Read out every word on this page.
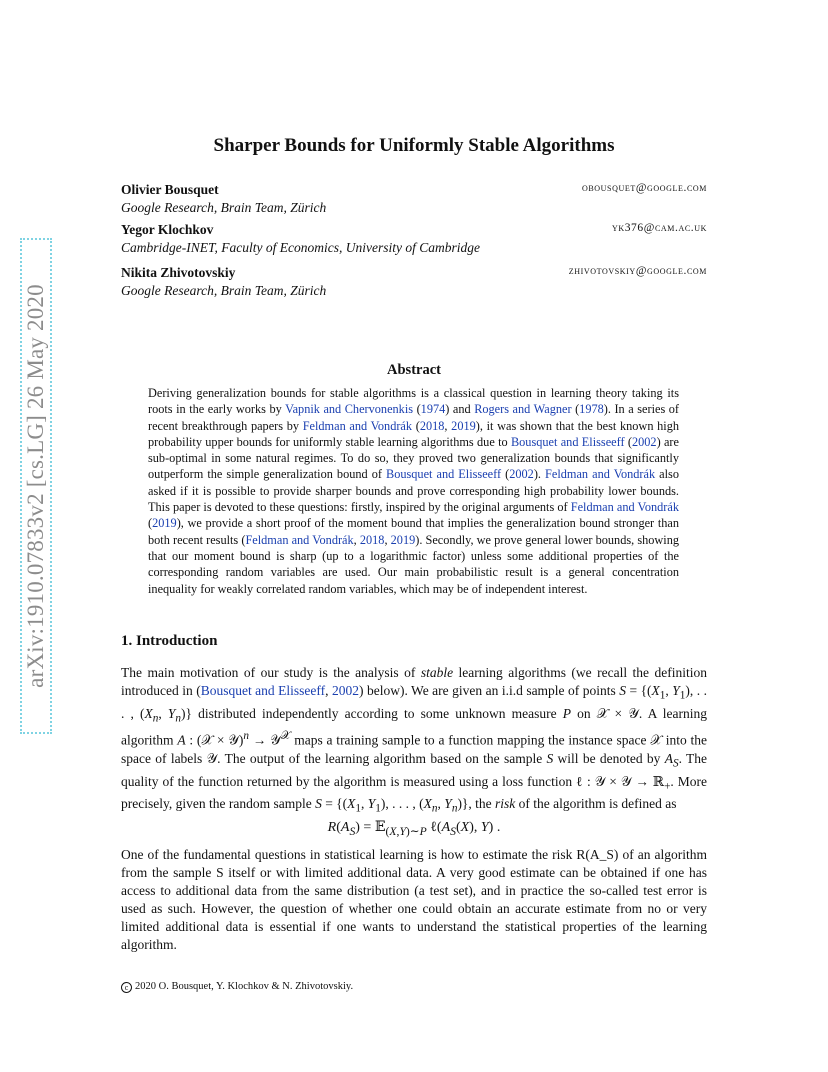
arXiv:1910.07833v2 [cs.LG] 26 May 2020
Sharper Bounds for Uniformly Stable Algorithms
Olivier Bousquet
Google Research, Brain Team, Zürich
obousquet@google.com
Yegor Klochkov
Cambridge-INET, Faculty of Economics, University of Cambridge
yk376@cam.ac.uk
Nikita Zhivotovskiy
Google Research, Brain Team, Zürich
zhivotovskiy@google.com
Abstract
Deriving generalization bounds for stable algorithms is a classical question in learning theory taking its roots in the early works by Vapnik and Chervonenkis (1974) and Rogers and Wagner (1978). In a series of recent breakthrough papers by Feldman and Vondrák (2018, 2019), it was shown that the best known high probability upper bounds for uniformly stable learning algorithms due to Bousquet and Elisseeff (2002) are sub-optimal in some natural regimes. To do so, they proved two generalization bounds that significantly outperform the simple generalization bound of Bousquet and Elisseeff (2002). Feldman and Vondrák also asked if it is possible to provide sharper bounds and prove corresponding high probability lower bounds. This paper is devoted to these questions: firstly, inspired by the original arguments of Feldman and Vondrák (2019), we provide a short proof of the moment bound that implies the generalization bound stronger than both recent results (Feldman and Vondrák, 2018, 2019). Secondly, we prove general lower bounds, showing that our moment bound is sharp (up to a logarithmic factor) unless some additional properties of the corresponding random variables are used. Our main probabilistic result is a general concentration inequality for weakly correlated random variables, which may be of independent interest.
1. Introduction
The main motivation of our study is the analysis of stable learning algorithms (we recall the definition introduced in (Bousquet and Elisseeff, 2002) below). We are given an i.i.d sample of points $S = \{(X_1$, $Y_1$), . . . , ($X_n$, $Y_n$)} distributed independently according to some unknown measure P on 𝒳 × 𝒴. A learning algorithm A : (𝒳 × 𝒴)$^n$ → 𝒴$^𝒳$ maps a training sample to a function mapping the instance space 𝒳 into the space of labels 𝒴. The output of the learning algorithm based on the sample S will be denoted by $A_S$. The quality of the function returned by the algorithm is measured using a loss function ℓ : 𝒴 × 𝒴 → ℝ$_+$. More precisely, given the random sample $S = \{(X_1$, $Y_1$), . . . , ($X_n$, $Y_n$)}, the risk of the algorithm is defined as
$R(A_S)$ = 𝔼$_{(X,Y)\sim P}$ $\ell(A_S(X)$, Y) .
One of the fundamental questions in statistical learning is how to estimate the risk R(A_S) of an algorithm from the sample S itself or with limited additional data. A very good estimate can be obtained if one has access to additional data from the same distribution (a test set), and in practice the so-called test error is used as such. However, the question of whether one could obtain an accurate estimate from no or very limited additional data is essential if one wants to understand the statistical properties of the learning algorithm.
c 2020 O. Bousquet, Y. Klochkov & N. Zhivotovskiy.
